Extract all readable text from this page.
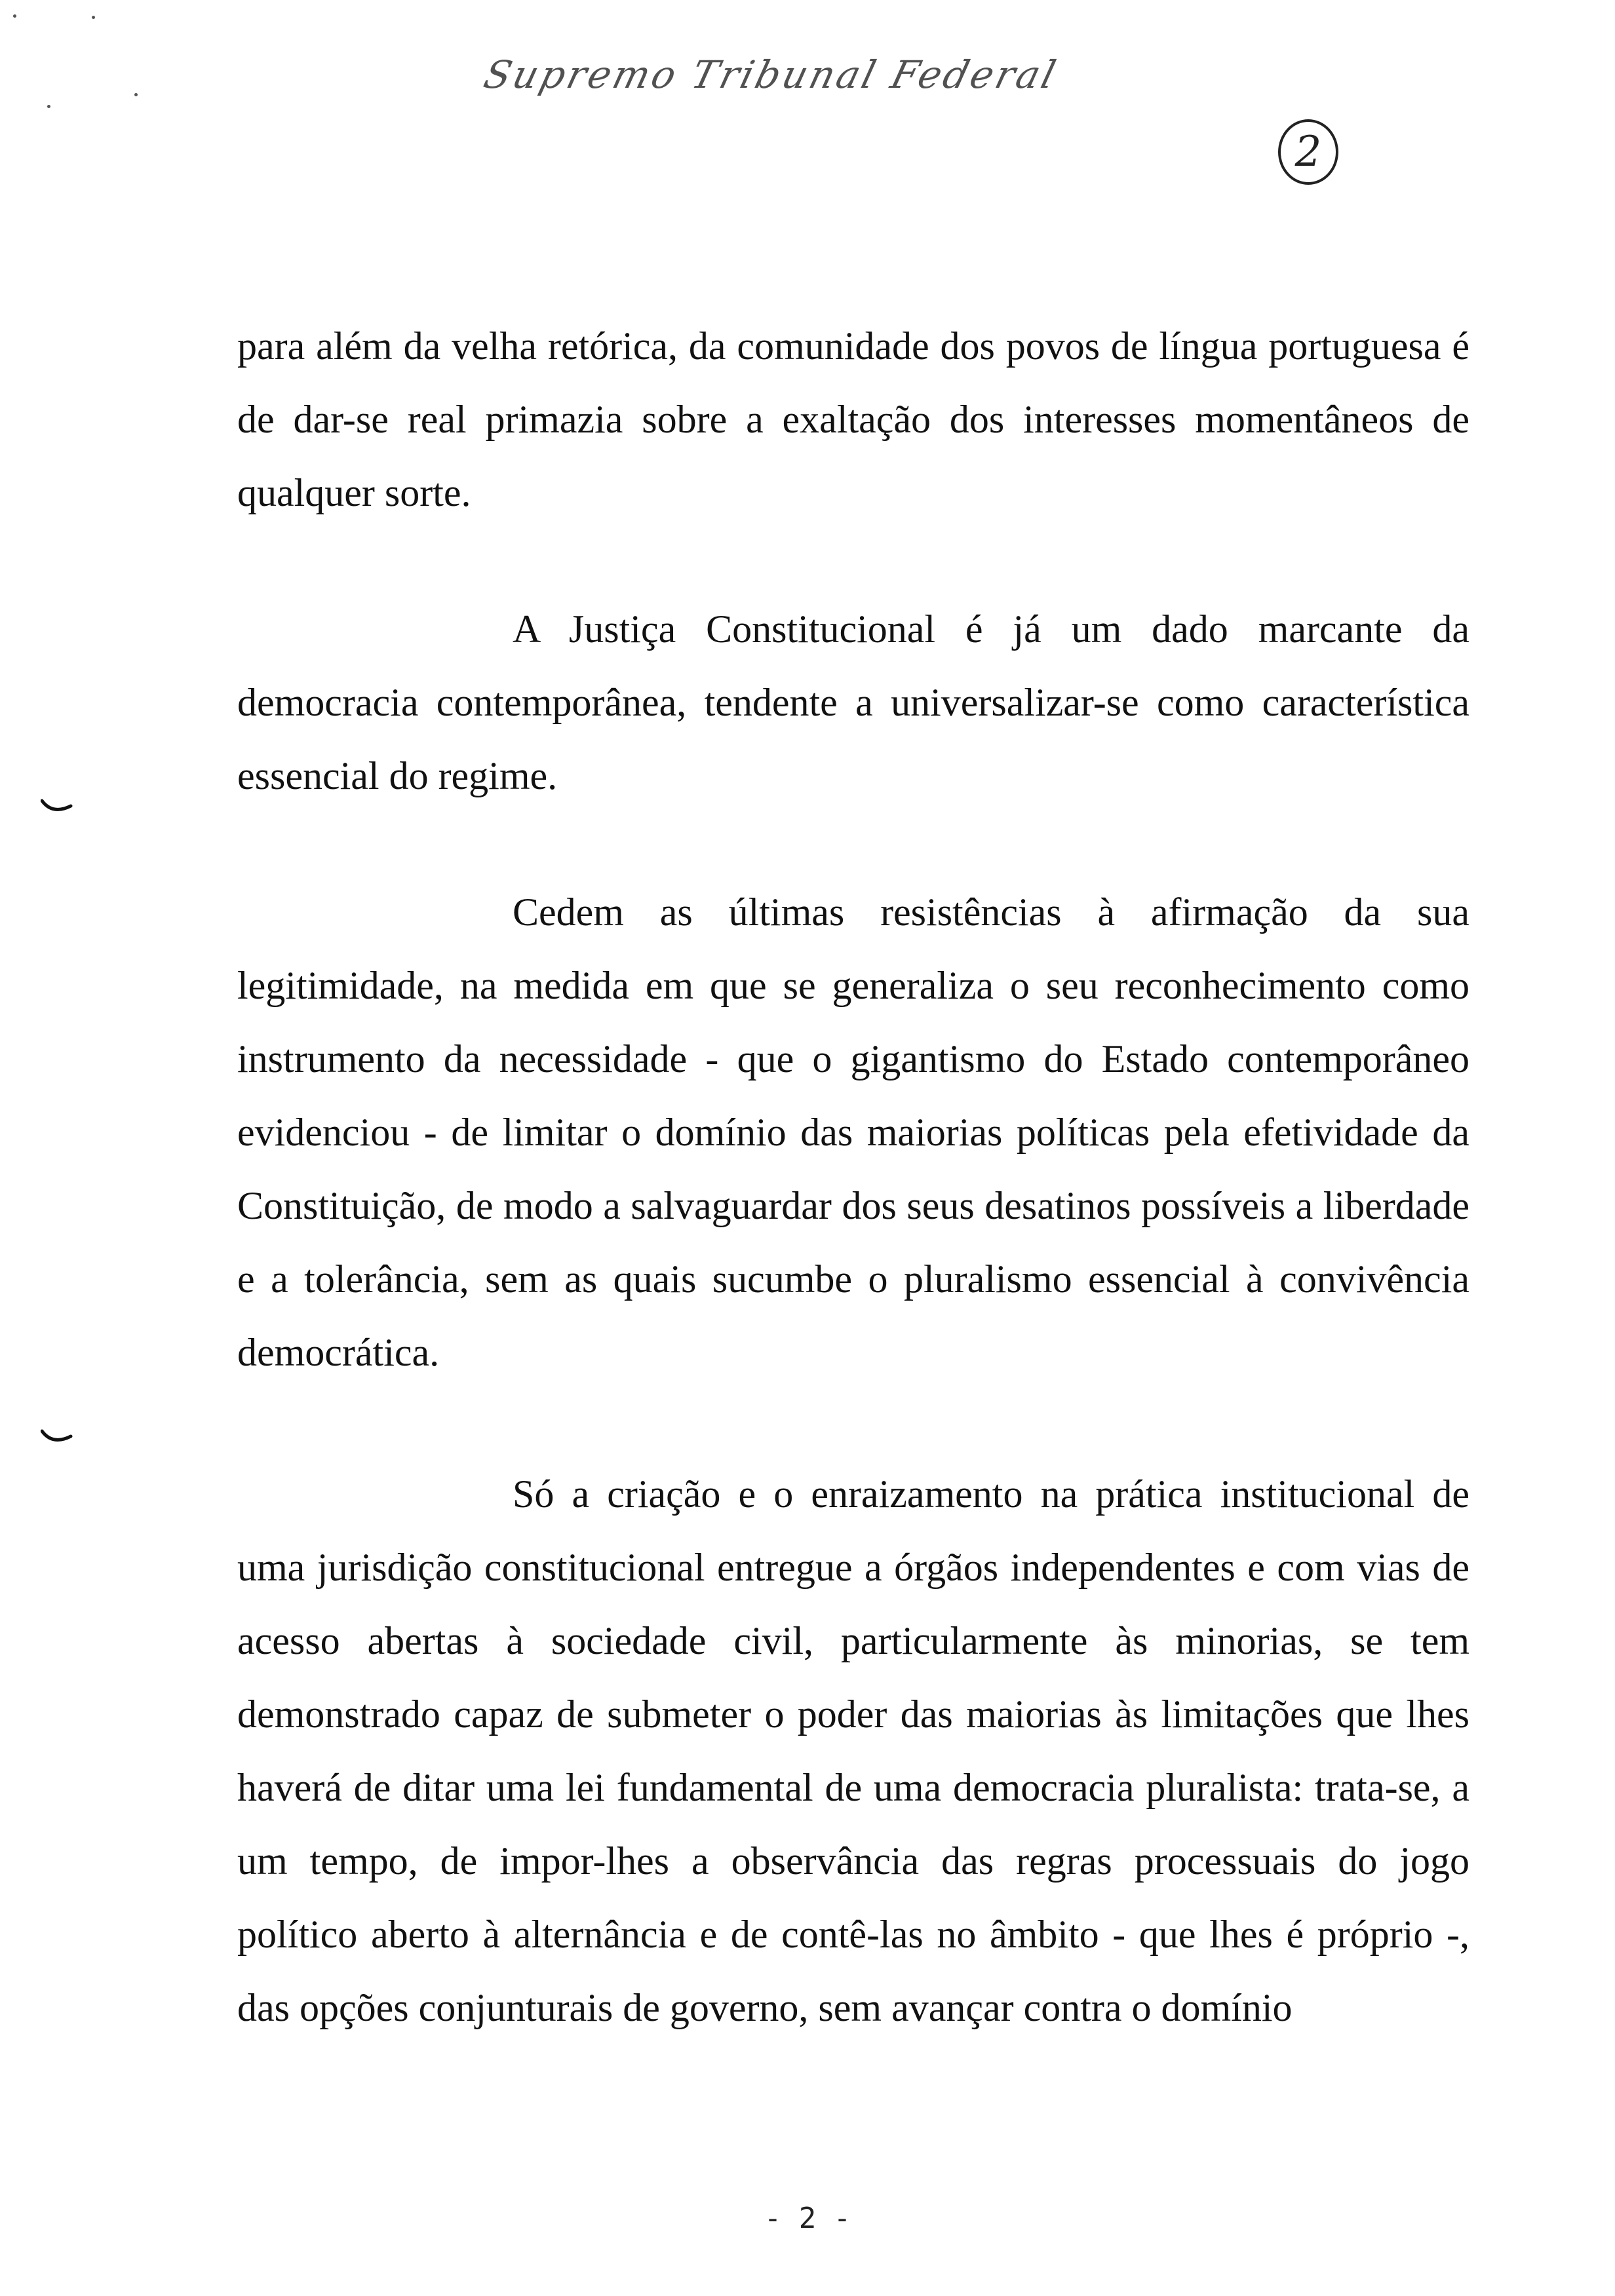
Supremo Tribunal Federal
2

para além da velha retórica, da comunidade dos povos de língua portuguesa é de dar-se real primazia sobre a exaltação dos interesses momentâneos de qualquer sorte.

A Justiça Constitucional é já um dado marcante da democracia contemporânea, tendente a universalizar-se como característica essencial do regime.

Cedem as últimas resistências à afirmação da sua legitimidade, na medida em que se generaliza o seu reconhecimento como instrumento da necessidade - que o gigantismo do Estado contemporâneo evidenciou - de limitar o domínio das maiorias políticas pela efetividade da Constituição, de modo a salvaguardar dos seus desatinos possíveis a liberdade e a tolerância, sem as quais sucumbe o pluralismo essencial à convivência democrática.

Só a criação e o enraizamento na prática institucional de uma jurisdição constitucional entregue a órgãos independentes e com vias de acesso abertas à sociedade civil, particularmente às minorias, se tem demonstrado capaz de submeter o poder das maiorias às limitações que lhes haverá de ditar uma lei fundamental de uma democracia pluralista: trata-se, a um tempo, de impor-lhes a observância das regras processuais do jogo político aberto à alternância e de contê-las no âmbito - que lhes é próprio -, das opções conjunturais de governo, sem avançar contra o domínio

- 2 -
